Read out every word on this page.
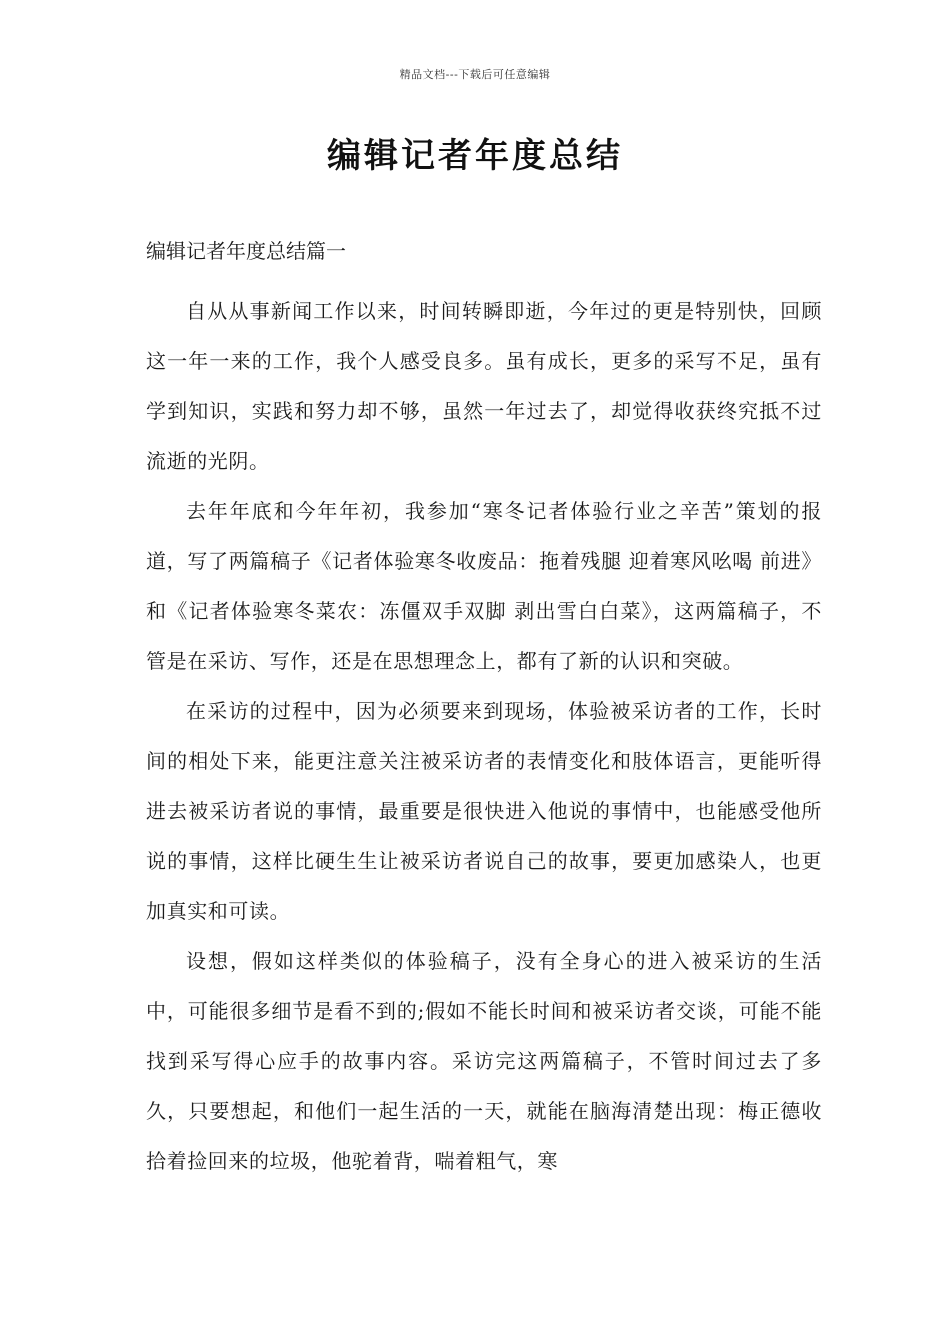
精品文档---下载后可任意编辑
编辑记者年度总结

编辑记者年度总结篇一

自从从事新闻工作以来，时间转瞬即逝，今年过的更是特别快，回顾这一年一来的工作，我个人感受良多。虽有成长，更多的采写不足，虽有学到知识，实践和努力却不够，虽然一年过去了，却觉得收获终究抵不过流逝的光阴。

去年年底和今年年初，我参加“寒冬记者体验行业之辛苦”策划的报道，写了两篇稿子《记者体验寒冬收废品：拖着残腿 迎着寒风吆喝 前进》和《记者体验寒冬菜农：冻僵双手双脚 剥出雪白白菜》，这两篇稿子，不管是在采访、写作，还是在思想理念上，都有了新的认识和突破。

在采访的过程中，因为必须要来到现场，体验被采访者的工作，长时间的相处下来，能更注意关注被采访者的表情变化和肢体语言，更能听得进去被采访者说的事情，最重要是很快进入他说的事情中，也能感受他所说的事情，这样比硬生生让被采访者说自己的故事，要更加感染人，也更加真实和可读。

设想，假如这样类似的体验稿子，没有全身心的进入被采访的生活中，可能很多细节是看不到的;假如不能长时间和被采访者交谈，可能不能找到采写得心应手的故事内容。采访完这两篇稿子，不管时间过去了多久，只要想起，和他们一起生活的一天，就能在脑海清楚出现：梅正德收拾着捡回来的垃圾，他驼着背，喘着粗气，寒
